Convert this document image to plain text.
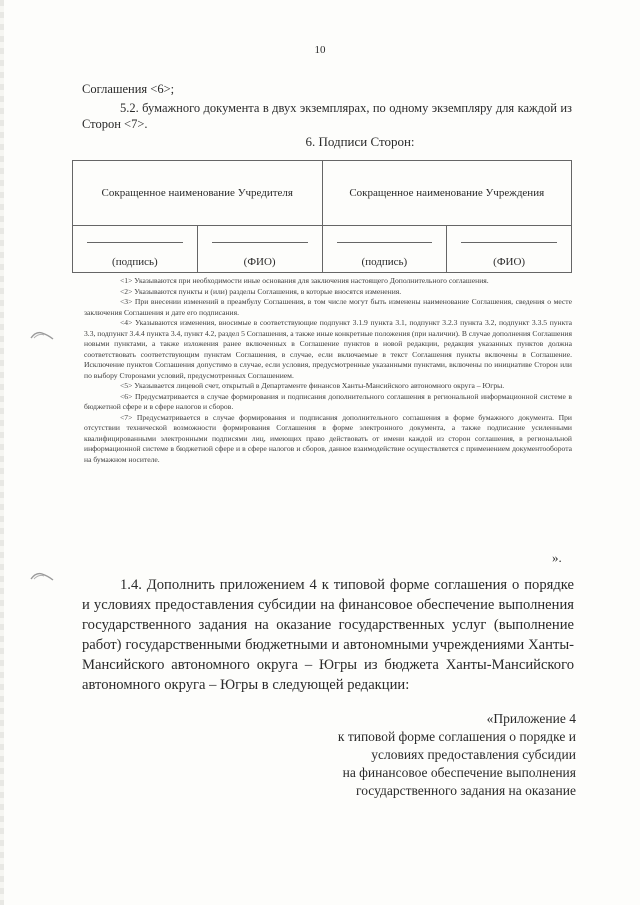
10
Соглашения <6>;
5.2. бумажного документа в двух экземплярах, по одному экземпляру для каждой из Сторон <7>.
6. Подписи Сторон:
Сокращенное наименование Учредителя		Сокращенное наименование Учреждения	

(подпись)	(ФИО)	(подпись)	(ФИО)

<1> Указываются при необходимости иные основания для заключения настоящего Дополнительного соглашения.

<2> Указываются пункты и (или) разделы Соглашения, в которые вносятся изменения.

<3> При внесении изменений в преамбулу Соглашения, в том числе могут быть изменены наименование Соглашения, сведения о месте заключения Соглашения и дате его подписания.

<4> Указываются изменения, вносимые в соответствующие подпункт 3.1.9 пункта 3.1, подпункт 3.2.3 пункта 3.2, подпункт 3.3.5 пункта 3.3, подпункт 3.4.4 пункта 3.4, пункт 4.2, раздел 5 Соглашения, а также иные конкретные положения (при наличии). В случае дополнения Соглашения новыми пунктами, а также изложения ранее включенных в Соглашение пунктов в новой редакции, редакция указанных пунктов должна соответствовать соответствующим пунктам Соглашения, в случае, если включаемые в текст Соглашения пункты включены в Соглашение. Исключение пунктов Соглашения допустимо в случае, если условия, предусмотренные указанными пунктами, включены по инициативе Сторон или по выбору Сторонами условий, предусмотренных Соглашением.

<5> Указывается лицевой счет, открытый в Департаменте финансов Ханты-Мансийского автономного округа – Югры.

<6> Предусматривается в случае формирования и подписания дополнительного соглашения в региональной информационной системе в бюджетной сфере и в сфере налогов и сборов.

<7> Предусматривается в случае формирования и подписания дополнительного соглашения в форме бумажного документа. При отсутствии технической возможности формирования Соглашения в форме электронного документа, а также подписание усиленными квалифицированными электронными подписями лиц, имеющих право действовать от имени каждой из сторон соглашения, в региональной информационной системе в бюджетной сфере и в сфере налогов и сборов, данное взаимодействие осуществляется с применением документооборота на бумажном носителе.

».
1.4. Дополнить приложением 4 к типовой форме соглашения о порядке и условиях предоставления субсидии на финансовое обеспечение выполнения государственного задания на оказание государственных услуг (выполнение работ) государственными бюджетными и автономными учреждениями Ханты-Мансийского автономного округа – Югры из бюджета Ханты-Мансийского автономного округа – Югры в следующей редакции:
«Приложение 4
к типовой форме соглашения о порядке и
условиях предоставления субсидии
на финансовое обеспечение выполнения
государственного задания на оказание
